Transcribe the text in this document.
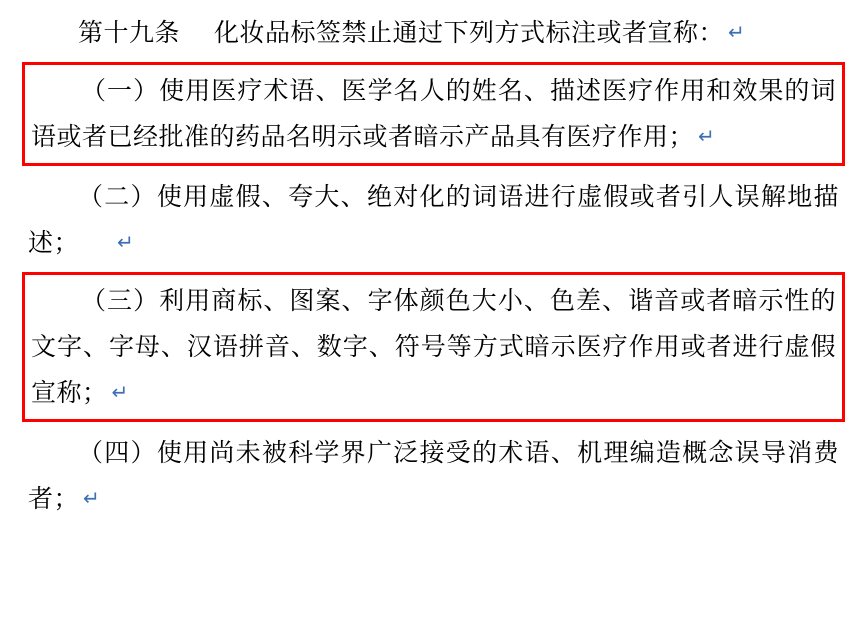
第十九条 化妆品标签禁止通过下列方式标注或者宣称： ↵
（一）使用医疗术语、医学名人的姓名、描述医疗作用和效果的词语或者已经批准的药品名明示或者暗示产品具有医疗作用； ↵
（二）使用虚假、夸大、绝对化的词语进行虚假或者引人误解地描述； ↵
（三）利用商标、图案、字体颜色大小、色差、谐音或者暗示性的文字、字母、汉语拼音、数字、符号等方式暗示医疗作用或者进行虚假宣称； ↵
（四）使用尚未被科学界广泛接受的术语、机理编造概念误导消费者； ↵
